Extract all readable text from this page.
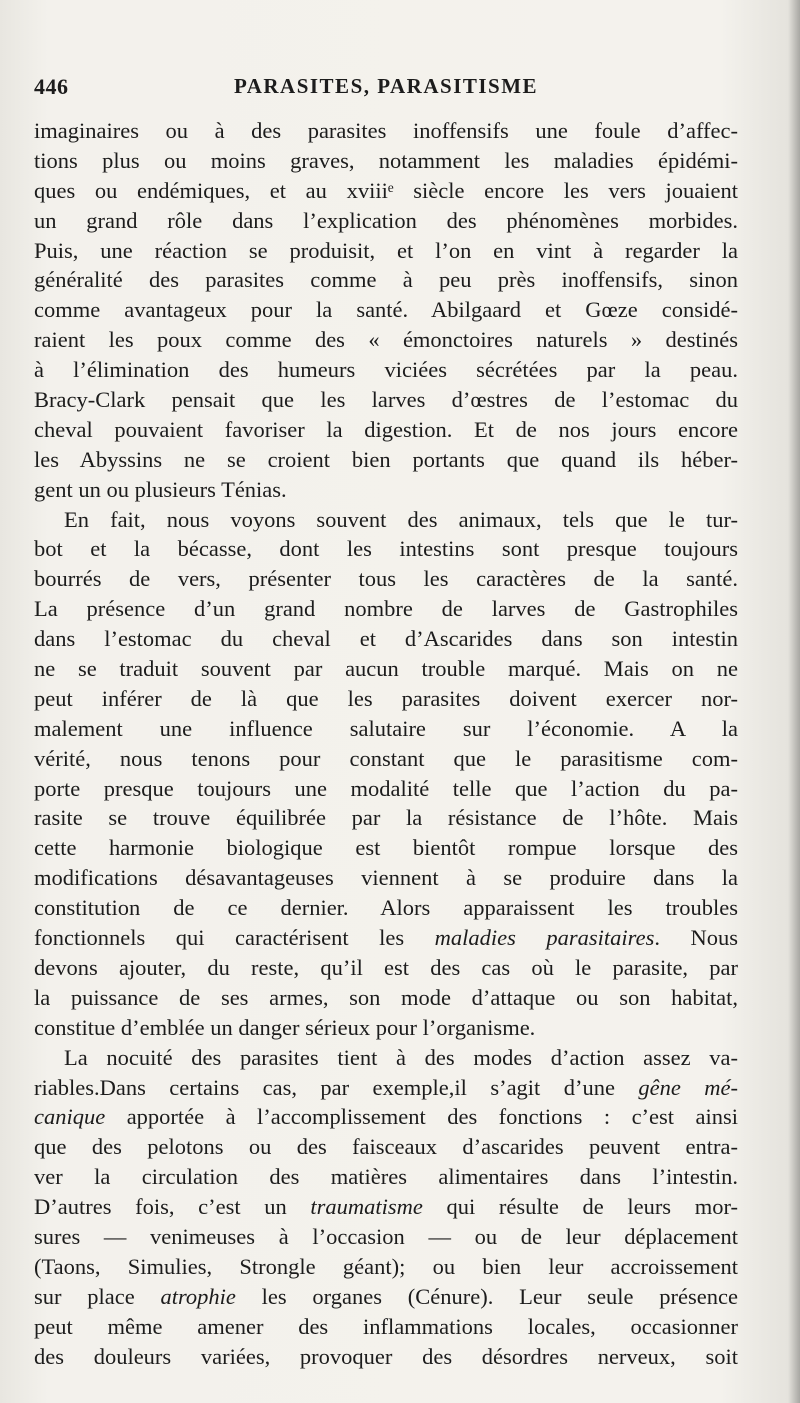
446	PARASITES, PARASITISME
imaginaires ou à des parasites inoffensifs une foule d’affec-
tions plus ou moins graves, notamment les maladies épidémi-
ques ou endémiques, et au xviiiᵉ siècle encore les vers jouaient
un grand rôle dans l’explication des phénomènes morbides.
Puis, une réaction se produisit, et l’on en vint à regarder la
généralité des parasites comme à peu près inoffensifs, sinon
comme avantageux pour la santé. Abilgaard et Gœze considé-
raient les poux comme des « émonctoires naturels » destinés
à l’élimination des humeurs viciées sécrétées par la peau.
Bracy-Clark pensait que les larves d’œstres de l’estomac du
cheval pouvaient favoriser la digestion. Et de nos jours encore
les Abyssins ne se croient bien portants que quand ils héber-
gent un ou plusieurs Ténias.
En fait, nous voyons souvent des animaux, tels que le tur-
bot et la bécasse, dont les intestins sont presque toujours
bourrés de vers, présenter tous les caractères de la santé.
La présence d’un grand nombre de larves de Gastrophiles
dans l’estomac du cheval et d’Ascarides dans son intestin
ne se traduit souvent par aucun trouble marqué. Mais on ne
peut inférer de là que les parasites doivent exercer nor-
malement une influence salutaire sur l’économie. A la
vérité, nous tenons pour constant que le parasitisme com-
porte presque toujours une modalité telle que l’action du pa-
rasite se trouve équilibrée par la résistance de l’hôte. Mais
cette harmonie biologique est bientôt rompue lorsque des
modifications désavantageuses viennent à se produire dans la
constitution de ce dernier. Alors apparaissent les troubles
fonctionnels qui caractérisent les maladies parasitaires. Nous
devons ajouter, du reste, qu’il est des cas où le parasite, par
la puissance de ses armes, son mode d’attaque ou son habitat,
constitue d’emblée un danger sérieux pour l’organisme.
La nocuité des parasites tient à des modes d’action assez va-
riables.Dans certains cas, par exemple,il s’agit d’une gêne mé-
canique apportée à l’accomplissement des fonctions : c’est ainsi
que des pelotons ou des faisceaux d’ascarides peuvent entra-
ver la circulation des matières alimentaires dans l’intestin.
D’autres fois, c’est un traumatisme qui résulte de leurs mor-
sures — venimeuses à l’occasion — ou de leur déplacement
(Taons, Simulies, Strongle géant); ou bien leur accroissement
sur place atrophie les organes (Cénure). Leur seule présence
peut même amener des inflammations locales, occasionner
des douleurs variées, provoquer des désordres nerveux, soit
